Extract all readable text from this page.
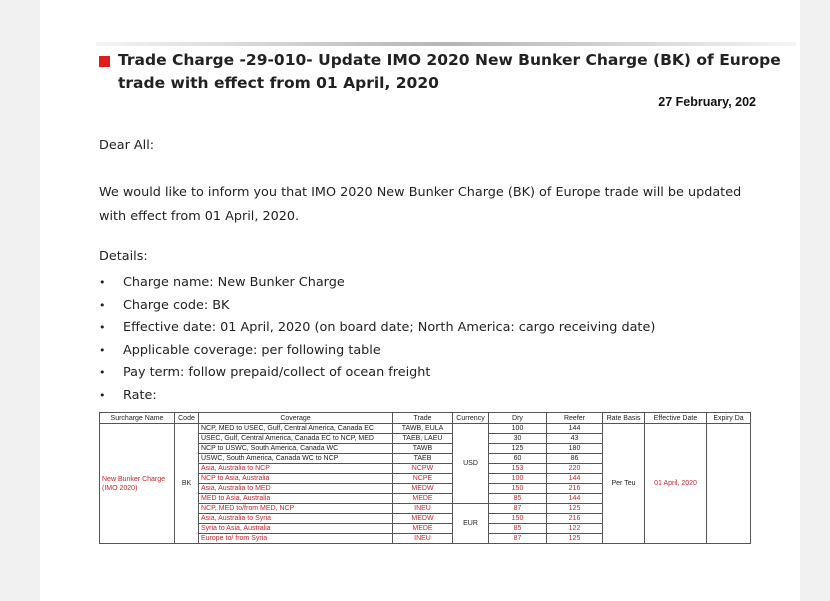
Trade Charge -29-010- Update IMO 2020 New Bunker Charge (BK) of Europe trade with effect from 01 April, 2020
27 February, 202
Dear All:
We would like to inform you that IMO 2020 New Bunker Charge (BK) of Europe trade will be updated with effect from 01 April, 2020.
Details:
• Charge name: New Bunker Charge
• Charge code: BK
• Effective date: 01 April, 2020 (on board date; North America: cargo receiving date)
• Applicable coverage: per following table
• Pay term: follow prepaid/collect of ocean freight
• Rate:
Surcharge Name	Code	Coverage	Trade	Currency	Dry	Reefer	Rate Basis	Effective Date	Expiry Da
New Bunker Charge (IMO 2020)	BK	NCP, MED to USEC, Gulf, Central America, Canada EC	TAWB, EULA	USD	100	144	Per Teu	01 April, 2020	
		USEC, Gulf, Central America, Canada EC to NCP, MED	TAEB, LAEU		30	43			
		NCP to USWC, South America, Canada WC	TAWB		125	180			
		USWC, South America, Canada WC to NCP	TAEB		60	86			
		Asia, Australia to NCP	NCPW		153	220			
		NCP to Asia, Australia	NCPE		100	144			
		Asia, Australia to MED	MEDW		150	216			
		MED to Asia, Australia	MEDE		85	144			
		NCP, MED to/from MED, NCP	INEU	EUR	87	125			
		Asia, Australia to Syria	MEDW		150	216			
		Syria to Asia, Australia	MEDE		85	122			
		Europe to/ from Syria	INEU		87	125			
